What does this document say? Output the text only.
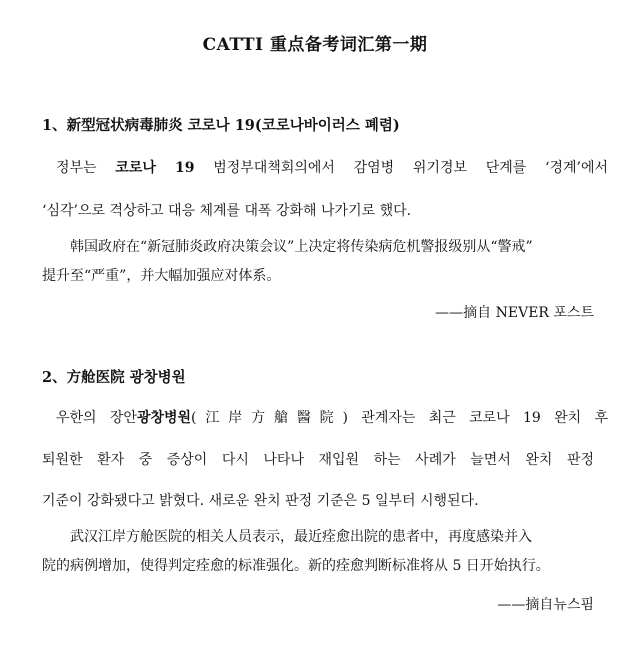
CATTI 重点备考词汇第一期
1、新型冠状病毒肺炎 코로나 19(코로나바이러스 폐렴)
정부는 코로나 19 범정부대책회의에서 감염병 위기경보 단계를 ‘경계’에서
‘심각’으로 격상하고 대응 체계를 대폭 강화해 나가기로 했다.
韩国政府在“新冠肺炎政府决策会议”上决定将传染病危机警报级别从“警戒”
提升至“严重”，并大幅加强应对体系。
——摘自 NEVER 포스트
2、方舱医院 광창병원
우한의 장안광창병원(江岸方艙醫院) 관계자는 최근 코로나 19 완치 후
퇴원한 환자 중 증상이 다시 나타나 재입원 하는 사례가 늘면서 완치 판정
기준이 강화됐다고 밝혔다. 새로운 완치 판정 기준은 5 일부터 시행된다.
武汉江岸方舱医院的相关人员表示，最近痊愈出院的患者中，再度感染并入
院的病例增加，使得判定痊愈的标准强化。新的痊愈判断标准将从 5 日开始执行。
——摘自뉴스핌
